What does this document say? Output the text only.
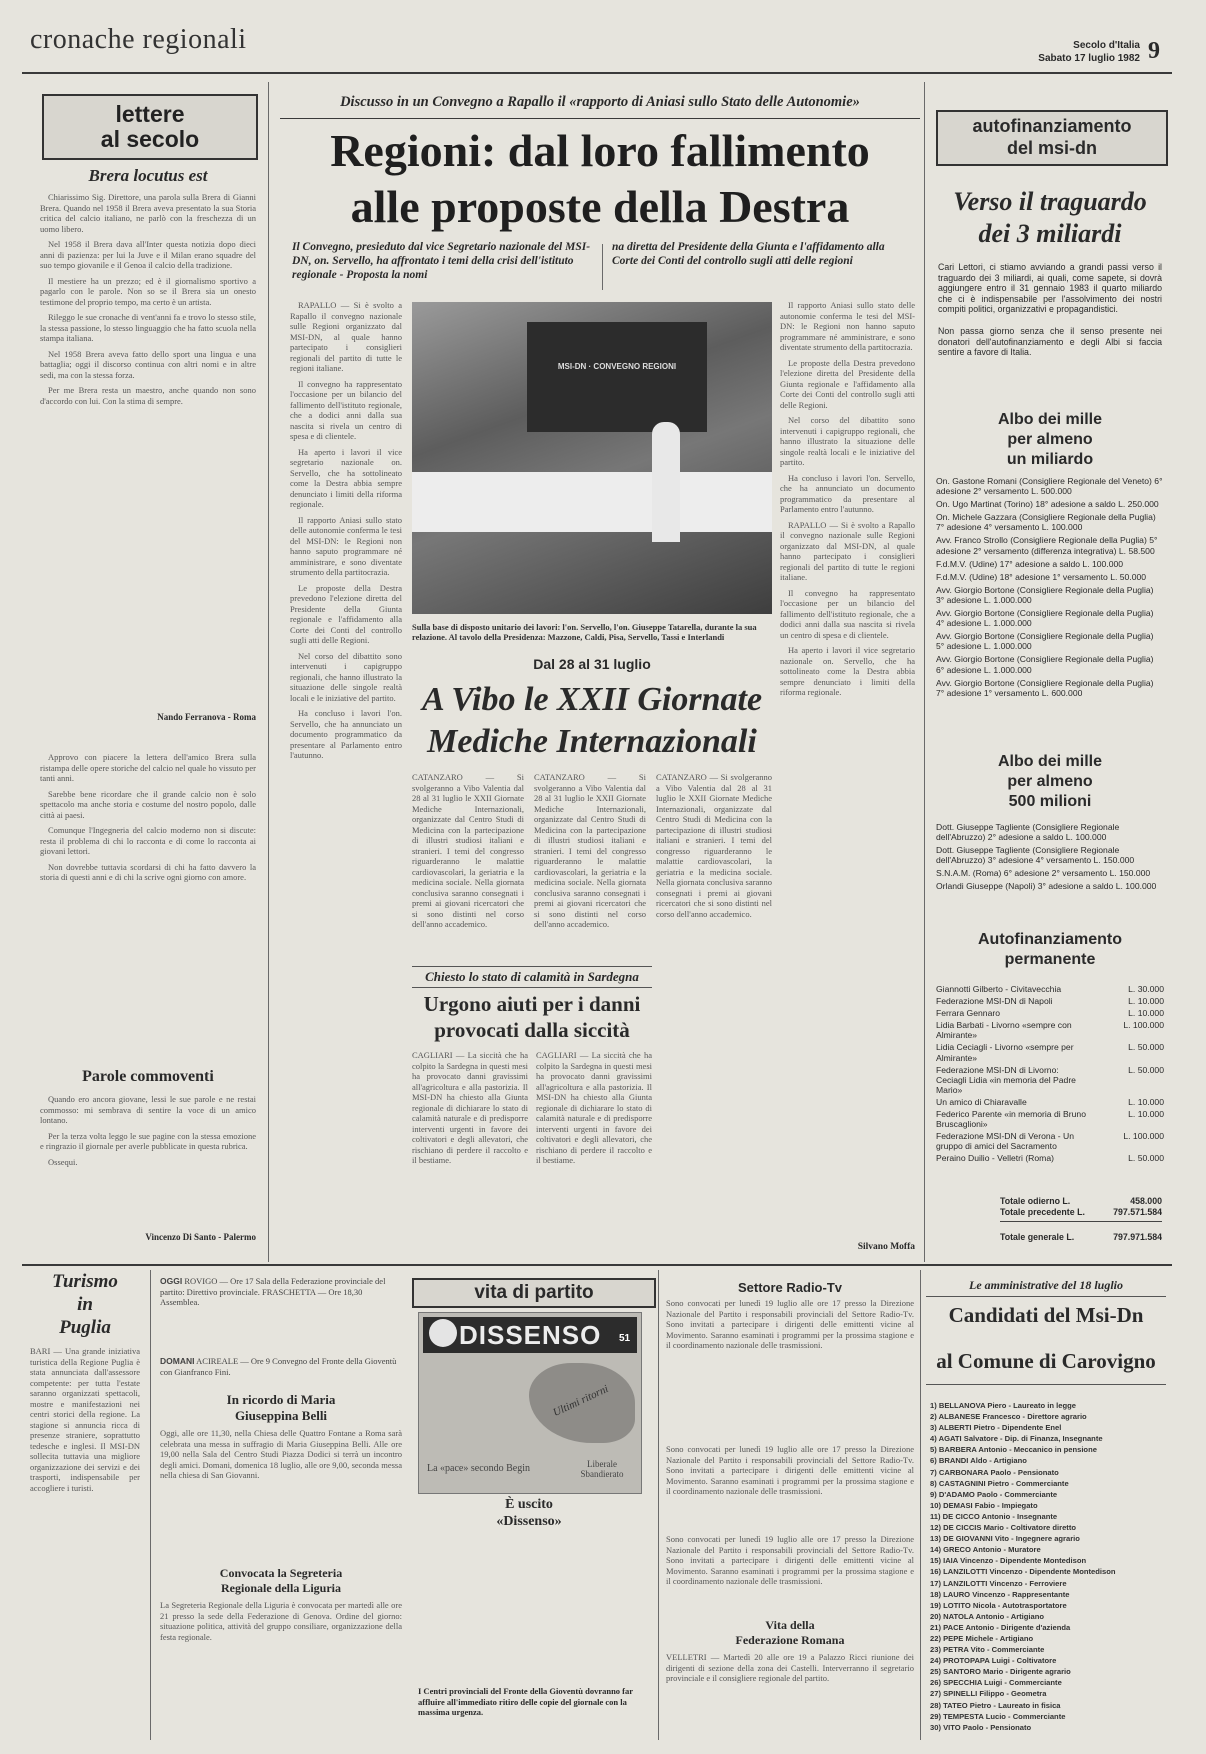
cronache regionali	Secolo d'Italia
Sabato 17 luglio 1982 9
lettere
al secolo
Brera locutus est

Chiarissimo Sig. Direttore, una parola sulla Brera di Gianni Brera. Quando nel 1958 il Brera aveva presentato la sua Storia critica del calcio italiano, ne parlò con la freschezza di un uomo libero.

Nel 1958 il Brera dava all'Inter questa notizia dopo dieci anni di pazienza: per lui la Juve e il Milan erano squadre del suo tempo giovanile e il Genoa il calcio della tradizione.

Il mestiere ha un prezzo; ed è il giornalismo sportivo a pagarlo con le parole. Non so se il Brera sia un onesto testimone del proprio tempo, ma certo è un artista.

Rileggo le sue cronache di vent'anni fa e trovo lo stesso stile, la stessa passione, lo stesso linguaggio che ha fatto scuola nella stampa italiana.

Nel 1958 Brera aveva fatto dello sport una lingua e una battaglia; oggi il discorso continua con altri nomi e in altre sedi, ma con la stessa forza.

Per me Brera resta un maestro, anche quando non sono d'accordo con lui. Con la stima di sempre.

Nando Ferranova - Roma

Approvo con piacere la lettera dell'amico Brera sulla ristampa delle opere storiche del calcio nel quale ho vissuto per tanti anni.

Sarebbe bene ricordare che il grande calcio non è solo spettacolo ma anche storia e costume del nostro popolo, dalle città ai paesi.

Comunque l'Ingegneria del calcio moderno non si discute: resta il problema di chi lo racconta e di come lo racconta ai giovani lettori.

Non dovrebbe tuttavia scordarsi di chi ha fatto davvero la storia di questi anni e di chi la scrive ogni giorno con amore.

Parole commoventi

Quando ero ancora giovane, lessi le sue parole e ne restai commosso: mi sembrava di sentire la voce di un amico lontano.

Per la terza volta leggo le sue pagine con la stessa emozione e ringrazio il giornale per averle pubblicate in questa rubrica.

Ossequi.

Vincenzo Di Santo - Palermo
Discusso in un Convegno a Rapallo il «rapporto di Aniasi sullo Stato delle Autonomie»
Regioni: dal loro fallimento
alle proposte della Destra
Il Convegno, presieduto dal vice Segretario nazionale del MSI-DN, on. Servello, ha affrontato i temi della crisi dell'istituto regionale - Proposta la nomi
na diretta del Presidente della Giunta e l'affidamento alla Corte dei Conti del controllo sugli atti delle regioni

RAPALLO — Si è svolto a Rapallo il convegno nazionale sulle Regioni organizzato dal MSI-DN, al quale hanno partecipato i consiglieri regionali del partito di tutte le regioni italiane.

Il convegno ha rappresentato l'occasione per un bilancio del fallimento dell'istituto regionale, che a dodici anni dalla sua nascita si rivela un centro di spesa e di clientele.

Ha aperto i lavori il vice segretario nazionale on. Servello, che ha sottolineato come la Destra abbia sempre denunciato i limiti della riforma regionale.

Il rapporto Aniasi sullo stato delle autonomie conferma le tesi del MSI-DN: le Regioni non hanno saputo programmare né amministrare, e sono diventate strumento della partitocrazia.

Le proposte della Destra prevedono l'elezione diretta del Presidente della Giunta regionale e l'affidamento alla Corte dei Conti del controllo sugli atti delle Regioni.

Nel corso del dibattito sono intervenuti i capigruppo regionali, che hanno illustrato la situazione delle singole realtà locali e le iniziative del partito.

Ha concluso i lavori l'on. Servello, che ha annunciato un documento programmatico da presentare al Parlamento entro l'autunno.

MSI-DN · CONVEGNO REGIONI
Sulla base di disposto unitario dei lavori: l'on. Servello, l'on. Giuseppe Tatarella, durante la sua relazione. Al tavolo della Presidenza: Mazzone, Caldi, Pisa, Servello, Tassi e Interlandi

Il rapporto Aniasi sullo stato delle autonomie conferma le tesi del MSI-DN: le Regioni non hanno saputo programmare né amministrare, e sono diventate strumento della partitocrazia.

Le proposte della Destra prevedono l'elezione diretta del Presidente della Giunta regionale e l'affidamento alla Corte dei Conti del controllo sugli atti delle Regioni.

Nel corso del dibattito sono intervenuti i capigruppo regionali, che hanno illustrato la situazione delle singole realtà locali e le iniziative del partito.

Ha concluso i lavori l'on. Servello, che ha annunciato un documento programmatico da presentare al Parlamento entro l'autunno.

RAPALLO — Si è svolto a Rapallo il convegno nazionale sulle Regioni organizzato dal MSI-DN, al quale hanno partecipato i consiglieri regionali del partito di tutte le regioni italiane.

Il convegno ha rappresentato l'occasione per un bilancio del fallimento dell'istituto regionale, che a dodici anni dalla sua nascita si rivela un centro di spesa e di clientele.

Ha aperto i lavori il vice segretario nazionale on. Servello, che ha sottolineato come la Destra abbia sempre denunciato i limiti della riforma regionale.

Silvano Moffa
Dal 28 al 31 luglio
A Vibo le XXII Giornate
Mediche Internazionali
CATANZARO — Si svolgeranno a Vibo Valentia dal 28 al 31 luglio le XXII Giornate Mediche Internazionali, organizzate dal Centro Studi di Medicina con la partecipazione di illustri studiosi italiani e stranieri. I temi del congresso riguarderanno le malattie cardiovascolari, la geriatria e la medicina sociale. Nella giornata conclusiva saranno consegnati i premi ai giovani ricercatori che si sono distinti nel corso dell'anno accademico.
CATANZARO — Si svolgeranno a Vibo Valentia dal 28 al 31 luglio le XXII Giornate Mediche Internazionali, organizzate dal Centro Studi di Medicina con la partecipazione di illustri studiosi italiani e stranieri. I temi del congresso riguarderanno le malattie cardiovascolari, la geriatria e la medicina sociale. Nella giornata conclusiva saranno consegnati i premi ai giovani ricercatori che si sono distinti nel corso dell'anno accademico.
CATANZARO — Si svolgeranno a Vibo Valentia dal 28 al 31 luglio le XXII Giornate Mediche Internazionali, organizzate dal Centro Studi di Medicina con la partecipazione di illustri studiosi italiani e stranieri. I temi del congresso riguarderanno le malattie cardiovascolari, la geriatria e la medicina sociale. Nella giornata conclusiva saranno consegnati i premi ai giovani ricercatori che si sono distinti nel corso dell'anno accademico.
Chiesto lo stato di calamità in Sardegna
Urgono aiuti per i danni
provocati dalla siccità
CAGLIARI — La siccità che ha colpito la Sardegna in questi mesi ha provocato danni gravissimi all'agricoltura e alla pastorizia. Il MSI-DN ha chiesto alla Giunta regionale di dichiarare lo stato di calamità naturale e di predisporre interventi urgenti in favore dei coltivatori e degli allevatori, che rischiano di perdere il raccolto e il bestiame.
CAGLIARI — La siccità che ha colpito la Sardegna in questi mesi ha provocato danni gravissimi all'agricoltura e alla pastorizia. Il MSI-DN ha chiesto alla Giunta regionale di dichiarare lo stato di calamità naturale e di predisporre interventi urgenti in favore dei coltivatori e degli allevatori, che rischiano di perdere il raccolto e il bestiame.
autofinanziamento
del msi-dn
Verso il traguardo
dei 3 miliardi
Cari Lettori, ci stiamo avviando a grandi passi verso il traguardo dei 3 miliardi, ai quali, come sapete, si dovrà aggiungere entro il 31 gennaio 1983 il quarto miliardo che ci è indispensabile per l'assolvimento dei nostri compiti politici, organizzativi e propagandistici.
Non passa giorno senza che il senso presente nei donatori dell'autofinanziamento e degli Albi si faccia sentire a favore di Italia.
Albo dei mille
per almeno
un miliardo
On. Gastone Romani (Consigliere Regionale del Veneto) 6° adesione 2° versamento L. 500.000
On. Ugo Martinat (Torino) 18° adesione a saldo L. 250.000
On. Michele Gazzara (Consigliere Regionale della Puglia) 7° adesione 4° versamento L. 100.000
Avv. Franco Strollo (Consigliere Regionale della Puglia) 5° adesione 2° versamento (differenza integrativa) L. 58.500
F.d.M.V. (Udine) 17° adesione a saldo L. 100.000
F.d.M.V. (Udine) 18° adesione 1° versamento L. 50.000
Avv. Giorgio Bortone (Consigliere Regionale della Puglia) 3° adesione L. 1.000.000
Avv. Giorgio Bortone (Consigliere Regionale della Puglia) 4° adesione L. 1.000.000
Avv. Giorgio Bortone (Consigliere Regionale della Puglia) 5° adesione L. 1.000.000
Avv. Giorgio Bortone (Consigliere Regionale della Puglia) 6° adesione L. 1.000.000
Avv. Giorgio Bortone (Consigliere Regionale della Puglia) 7° adesione 1° versamento L. 600.000
Albo dei mille
per almeno
500 milioni
Dott. Giuseppe Tagliente (Consigliere Regionale dell'Abruzzo) 2° adesione a saldo L. 100.000
Dott. Giuseppe Tagliente (Consigliere Regionale dell'Abruzzo) 3° adesione 4° versamento L. 150.000
S.N.A.M. (Roma) 6° adesione 2° versamento L. 150.000
Orlandi Giuseppe (Napoli) 3° adesione a saldo L. 100.000
Autofinanziamento
permanente
Giannotti Gilberto - Civitavecchia	L. 30.000
Federazione MSI-DN di Napoli	L. 10.000
Ferrara Gennaro	L. 10.000
Lidia Barbati - Livorno «sempre con Almirante»
L. 100.000
Lidia Ceciagli - Livorno «sempre per Almirante»
L. 50.000
Federazione MSI-DN di Livorno: Ceciagli Lidia «in memoria del Padre Mario»
L. 50.000
Un amico di Chiaravalle	L. 10.000
Federico Parente «in memoria di Bruno Bruscaglioni»
L. 10.000
Federazione MSI-DN di Verona - Un gruppo di amici del Sacramento
L. 100.000
Peraino Duilio - Velletri (Roma)	L. 50.000
Totale odierno L.	458.000
Totale precedente L.	797.571.584
Totale generale L.	797.971.584
Turismo
in
Puglia
BARI — Una grande iniziativa turistica della Regione Puglia è stata annunciata dall'assessore competente: per tutta l'estate saranno organizzati spettacoli, mostre e manifestazioni nei centri storici della regione. La stagione si annuncia ricca di presenze straniere, soprattutto tedesche e inglesi. Il MSI-DN sollecita tuttavia una migliore organizzazione dei servizi e dei trasporti, indispensabile per accogliere i turisti.
OGGI ROVIGO — Ore 17 Sala della Federazione provinciale del partito: Direttivo provinciale. FRASCHETTA — Ore 18,30 Assemblea.
DOMANI ACIREALE — Ore 9 Convegno del Fronte della Gioventù con Gianfranco Fini.
In ricordo di Maria
Giuseppina Belli
Oggi, alle ore 11,30, nella Chiesa delle Quattro Fontane a Roma sarà celebrata una messa in suffragio di Maria Giuseppina Belli. Alle ore 19,00 nella Sala del Centro Studi Piazza Dodici si terrà un incontro degli amici. Domani, domenica 18 luglio, alle ore 9,00, seconda messa nella chiesa di San Giovanni.
Convocata la Segreteria
Regionale della Liguria
La Segreteria Regionale della Liguria è convocata per martedì alle ore 21 presso la sede della Federazione di Genova. Ordine del giorno: situazione politica, attività del gruppo consiliare, organizzazione della festa regionale.
vita di partito
DISSENSO 51
Ultimi ritorni
La «pace» secondo Begin	Liberale Sbandierato
È uscito
«Dissenso»
I Centri provinciali del Fronte della Gioventù dovranno far affluire all'immediato ritiro delle copie del giornale con la massima urgenza.
Settore Radio-Tv
Sono convocati per lunedì 19 luglio alle ore 17 presso la Direzione Nazionale del Partito i responsabili provinciali del Settore Radio-Tv. Sono invitati a partecipare i dirigenti delle emittenti vicine al Movimento. Saranno esaminati i programmi per la prossima stagione e il coordinamento nazionale delle trasmissioni.
Sono convocati per lunedì 19 luglio alle ore 17 presso la Direzione Nazionale del Partito i responsabili provinciali del Settore Radio-Tv. Sono invitati a partecipare i dirigenti delle emittenti vicine al Movimento. Saranno esaminati i programmi per la prossima stagione e il coordinamento nazionale delle trasmissioni.
Sono convocati per lunedì 19 luglio alle ore 17 presso la Direzione Nazionale del Partito i responsabili provinciali del Settore Radio-Tv. Sono invitati a partecipare i dirigenti delle emittenti vicine al Movimento. Saranno esaminati i programmi per la prossima stagione e il coordinamento nazionale delle trasmissioni.
Vita della
Federazione Romana
VELLETRI — Martedì 20 alle ore 19 a Palazzo Ricci riunione dei dirigenti di sezione della zona dei Castelli. Interverranno il segretario provinciale e il consigliere regionale del partito.
Le amministrative del 18 luglio
Candidati del Msi-Dn
al Comune di Carovigno
1) BELLANOVA Piero - Laureato in legge
2) ALBANESE Francesco - Direttore agrario
3) ALBERTI Pietro - Dipendente Enel
4) AGATI Salvatore - Dip. di Finanza, Insegnante
5) BARBERA Antonio - Meccanico in pensione
6) BRANDI Aldo - Artigiano
7) CARBONARA Paolo - Pensionato
8) CASTAGNINI Pietro - Commerciante
9) D'ADAMO Paolo - Commerciante
10) DEMASI Fabio - Impiegato
11) DE CICCO Antonio - Insegnante
12) DE CICCIS Mario - Coltivatore diretto
13) DE GIOVANNI Vito - Ingegnere agrario
14) GRECO Antonio - Muratore
15) IAIA Vincenzo - Dipendente Montedison
16) LANZILOTTI Vincenzo - Dipendente Montedison
17) LANZILOTTI Vincenzo - Ferroviere
18) LAURO Vincenzo - Rappresentante
19) LOTITO Nicola - Autotrasportatore
20) NATOLA Antonio - Artigiano
21) PACE Antonio - Dirigente d'azienda
22) PEPE Michele - Artigiano
23) PETRA Vito - Commerciante
24) PROTOPAPA Luigi - Coltivatore
25) SANTORO Mario - Dirigente agrario
26) SPECCHIA Luigi - Commerciante
27) SPINELLI Filippo - Geometra
28) TATEO Pietro - Laureato in fisica
29) TEMPESTA Lucio - Commerciante
30) VITO Paolo - Pensionato
